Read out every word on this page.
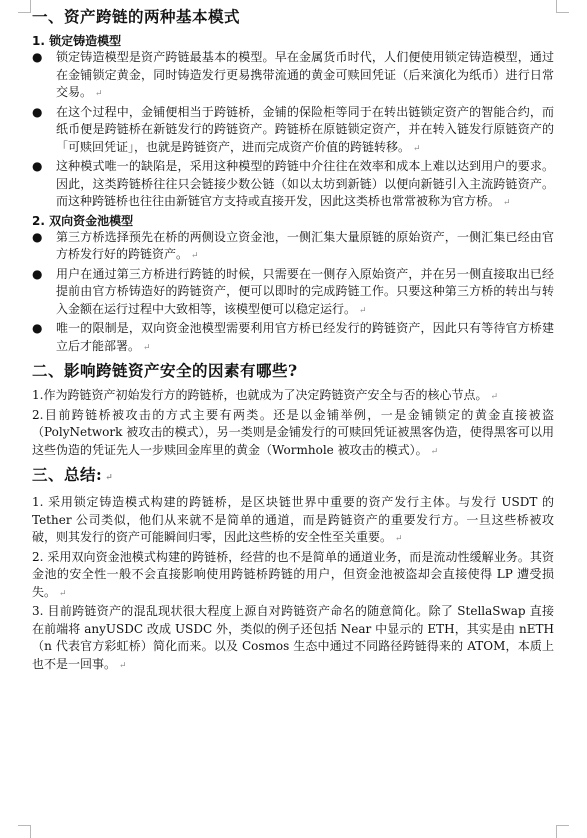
一、资产跨链的两种基本模式
1. 锁定铸造模型
● 锁定铸造模型是资产跨链最基本的模型。早在金属货币时代，人们便使用锁定铸造模型，通过在金铺锁定黄金，同时铸造发行更易携带流通的黄金可赎回凭证（后来演化为纸币）进行日常交易。 ↵
● 在这个过程中，金铺便相当于跨链桥，金铺的保险柜等同于在转出链锁定资产的智能合约，而纸币便是跨链桥在新链发行的跨链资产。跨链桥在原链锁定资产，并在转入链发行原链资产的「可赎回凭证」，也就是跨链资产，进而完成资产价值的跨链转移。 ↵
● 这种模式唯一的缺陷是，采用这种模型的跨链中介往往在效率和成本上难以达到用户的要求。因此，这类跨链桥往往只会链接少数公链（如以太坊到新链）以便向新链引入主流跨链资产。而这种跨链桥也往往由新链官方支持或直接开发，因此这类桥也常常被称为官方桥。 ↵
2. 双向资金池模型
● 第三方桥选择预先在桥的两侧设立资金池，一侧汇集大量原链的原始资产，一侧汇集已经由官方桥发行好的跨链资产。 ↵
● 用户在通过第三方桥进行跨链的时候，只需要在一侧存入原始资产，并在另一侧直接取出已经提前由官方桥铸造好的跨链资产，便可以即时的完成跨链工作。只要这种第三方桥的转出与转入金额在运行过程中大致相等，该模型便可以稳定运行。 ↵
● 唯一的限制是，双向资金池模型需要利用官方桥已经发行的跨链资产，因此只有等待官方桥建立后才能部署。 ↵
二、影响跨链资产安全的因素有哪些?

1.作为跨链资产初始发行方的跨链桥，也就成为了决定跨链资产安全与否的核心节点。 ↵

2.目前跨链桥被攻击的方式主要有两类。还是以金铺举例，一是金铺锁定的黄金直接被盗（PolyNetwork 被攻击的模式），另一类则是金铺发行的可赎回凭证被黑客伪造，使得黑客可以用这些伪造的凭证先人一步赎回金库里的黄金（Wormhole 被攻击的模式）。 ↵

三、总结: ↵

1. 采用锁定铸造模式构建的跨链桥，是区块链世界中重要的资产发行主体。与发行 USDT 的 Tether 公司类似，他们从来就不是简单的通道，而是跨链资产的重要发行方。一旦这些桥被攻破，则其发行的资产可能瞬间归零，因此这些桥的安全性至关重要。 ↵

2. 采用双向资金池模式构建的跨链桥，经营的也不是简单的通道业务，而是流动性缓解业务。其资金池的安全性一般不会直接影响使用跨链桥跨链的用户，但资金池被盗却会直接使得 LP 遭受损失。 ↵

3. 目前跨链资产的混乱现状很大程度上源自对跨链资产命名的随意简化。除了 StellaSwap 直接在前端将 anyUSDC 改成 USDC 外，类似的例子还包括 Near 中显示的 ETH，其实是由 nETH（n 代表官方彩虹桥）简化而来。以及 Cosmos 生态中通过不同路径跨链得来的 ATOM，本质上也不是一回事。 ↵
